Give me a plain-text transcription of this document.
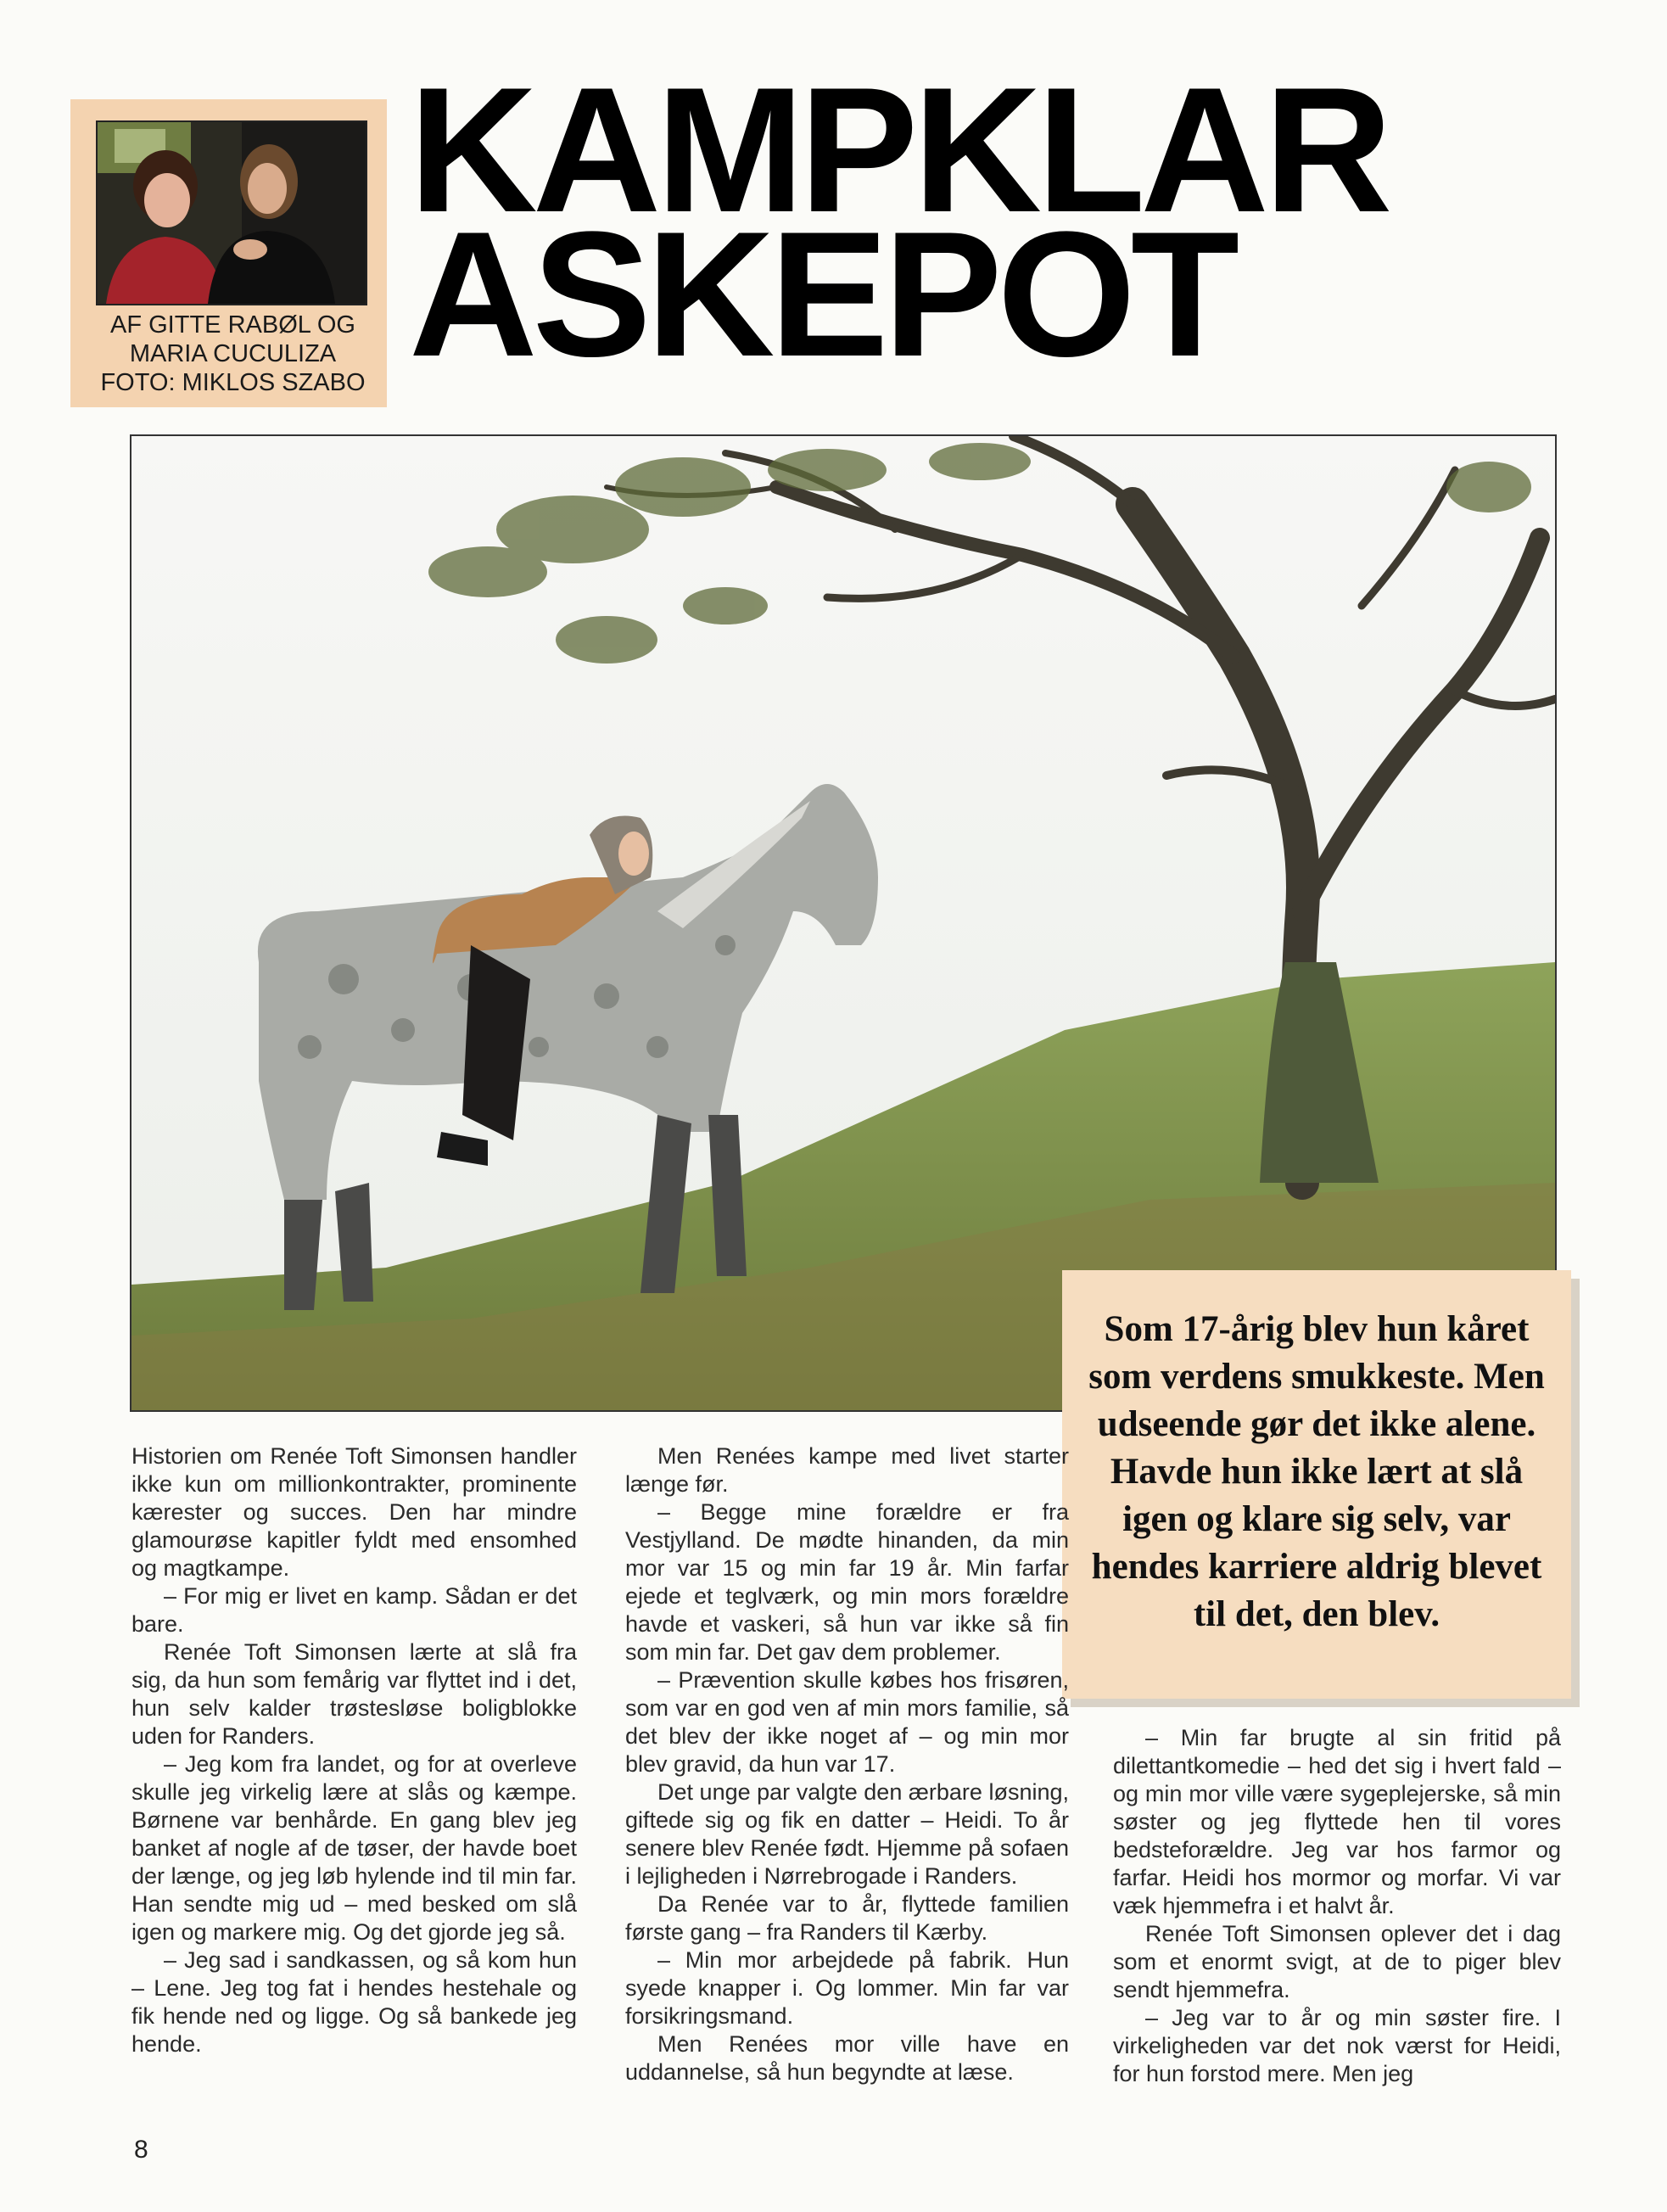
AF GITTE RABØL OG
MARIA CUCULIZA
FOTO: MIKLOS SZABO
KAMPKLAR
ASKEPOT
Som 17-årig blev hun kåret som verdens smukkeste. Men udseende gør det ikke alene. Havde hun ikke lært at slå igen og klare sig selv, var hendes karriere aldrig blevet til det, den blev.

Historien om Renée Toft Simonsen handler ikke kun om millionkontrakter, prominente kærester og succes. Den har mindre glamourøse kapitler fyldt med ensomhed og magtkampe.

– For mig er livet en kamp. Sådan er det bare.

Renée Toft Simonsen lærte at slå fra sig, da hun som femårig var flyttet ind i det, hun selv kalder trøstesløse boligblokke uden for Randers.

– Jeg kom fra landet, og for at overleve skulle jeg virkelig lære at slås og kæmpe. Børnene var benhårde. En gang blev jeg banket af nogle af de tøser, der havde boet der længe, og jeg løb hylende ind til min far. Han sendte mig ud – med besked om slå igen og markere mig. Og det gjorde jeg så.

– Jeg sad i sandkassen, og så kom hun – Lene. Jeg tog fat i hendes hestehale og fik hende ned og ligge. Og så bankede jeg hende.

Men Renées kampe med livet starter længe før.

– Begge mine forældre er fra Vestjylland. De mødte hinanden, da min mor var 15 og min far 19 år. Min farfar ejede et teglværk, og min mors forældre havde et vaskeri, så hun var ikke så fin som min far. Det gav dem problemer.

– Prævention skulle købes hos frisøren, som var en god ven af min mors familie, så det blev der ikke noget af – og min mor blev gravid, da hun var 17.

Det unge par valgte den ærbare løsning, giftede sig og fik en datter – Heidi. To år senere blev Renée født. Hjemme på sofaen i lejligheden i Nørrebrogade i Randers.

Da Renée var to år, flyttede familien første gang – fra Randers til Kærby.

– Min mor arbejdede på fabrik. Hun syede knapper i. Og lommer. Min far var forsikringsmand.

Men Renées mor ville have en uddannelse, så hun begyndte at læse.

– Min far brugte al sin fritid på dilettantkomedie – hed det sig i hvert fald – og min mor ville være sygeplejerske, så min søster og jeg flyttede hen til vores bedsteforældre. Jeg var hos farmor og farfar. Heidi hos mormor og morfar. Vi var væk hjemmefra i et halvt år.

Renée Toft Simonsen oplever det i dag som et enormt svigt, at de to piger blev sendt hjemmefra.

– Jeg var to år og min søster fire. I virkeligheden var det nok værst for Heidi, for hun forstod mere. Men jeg

8
